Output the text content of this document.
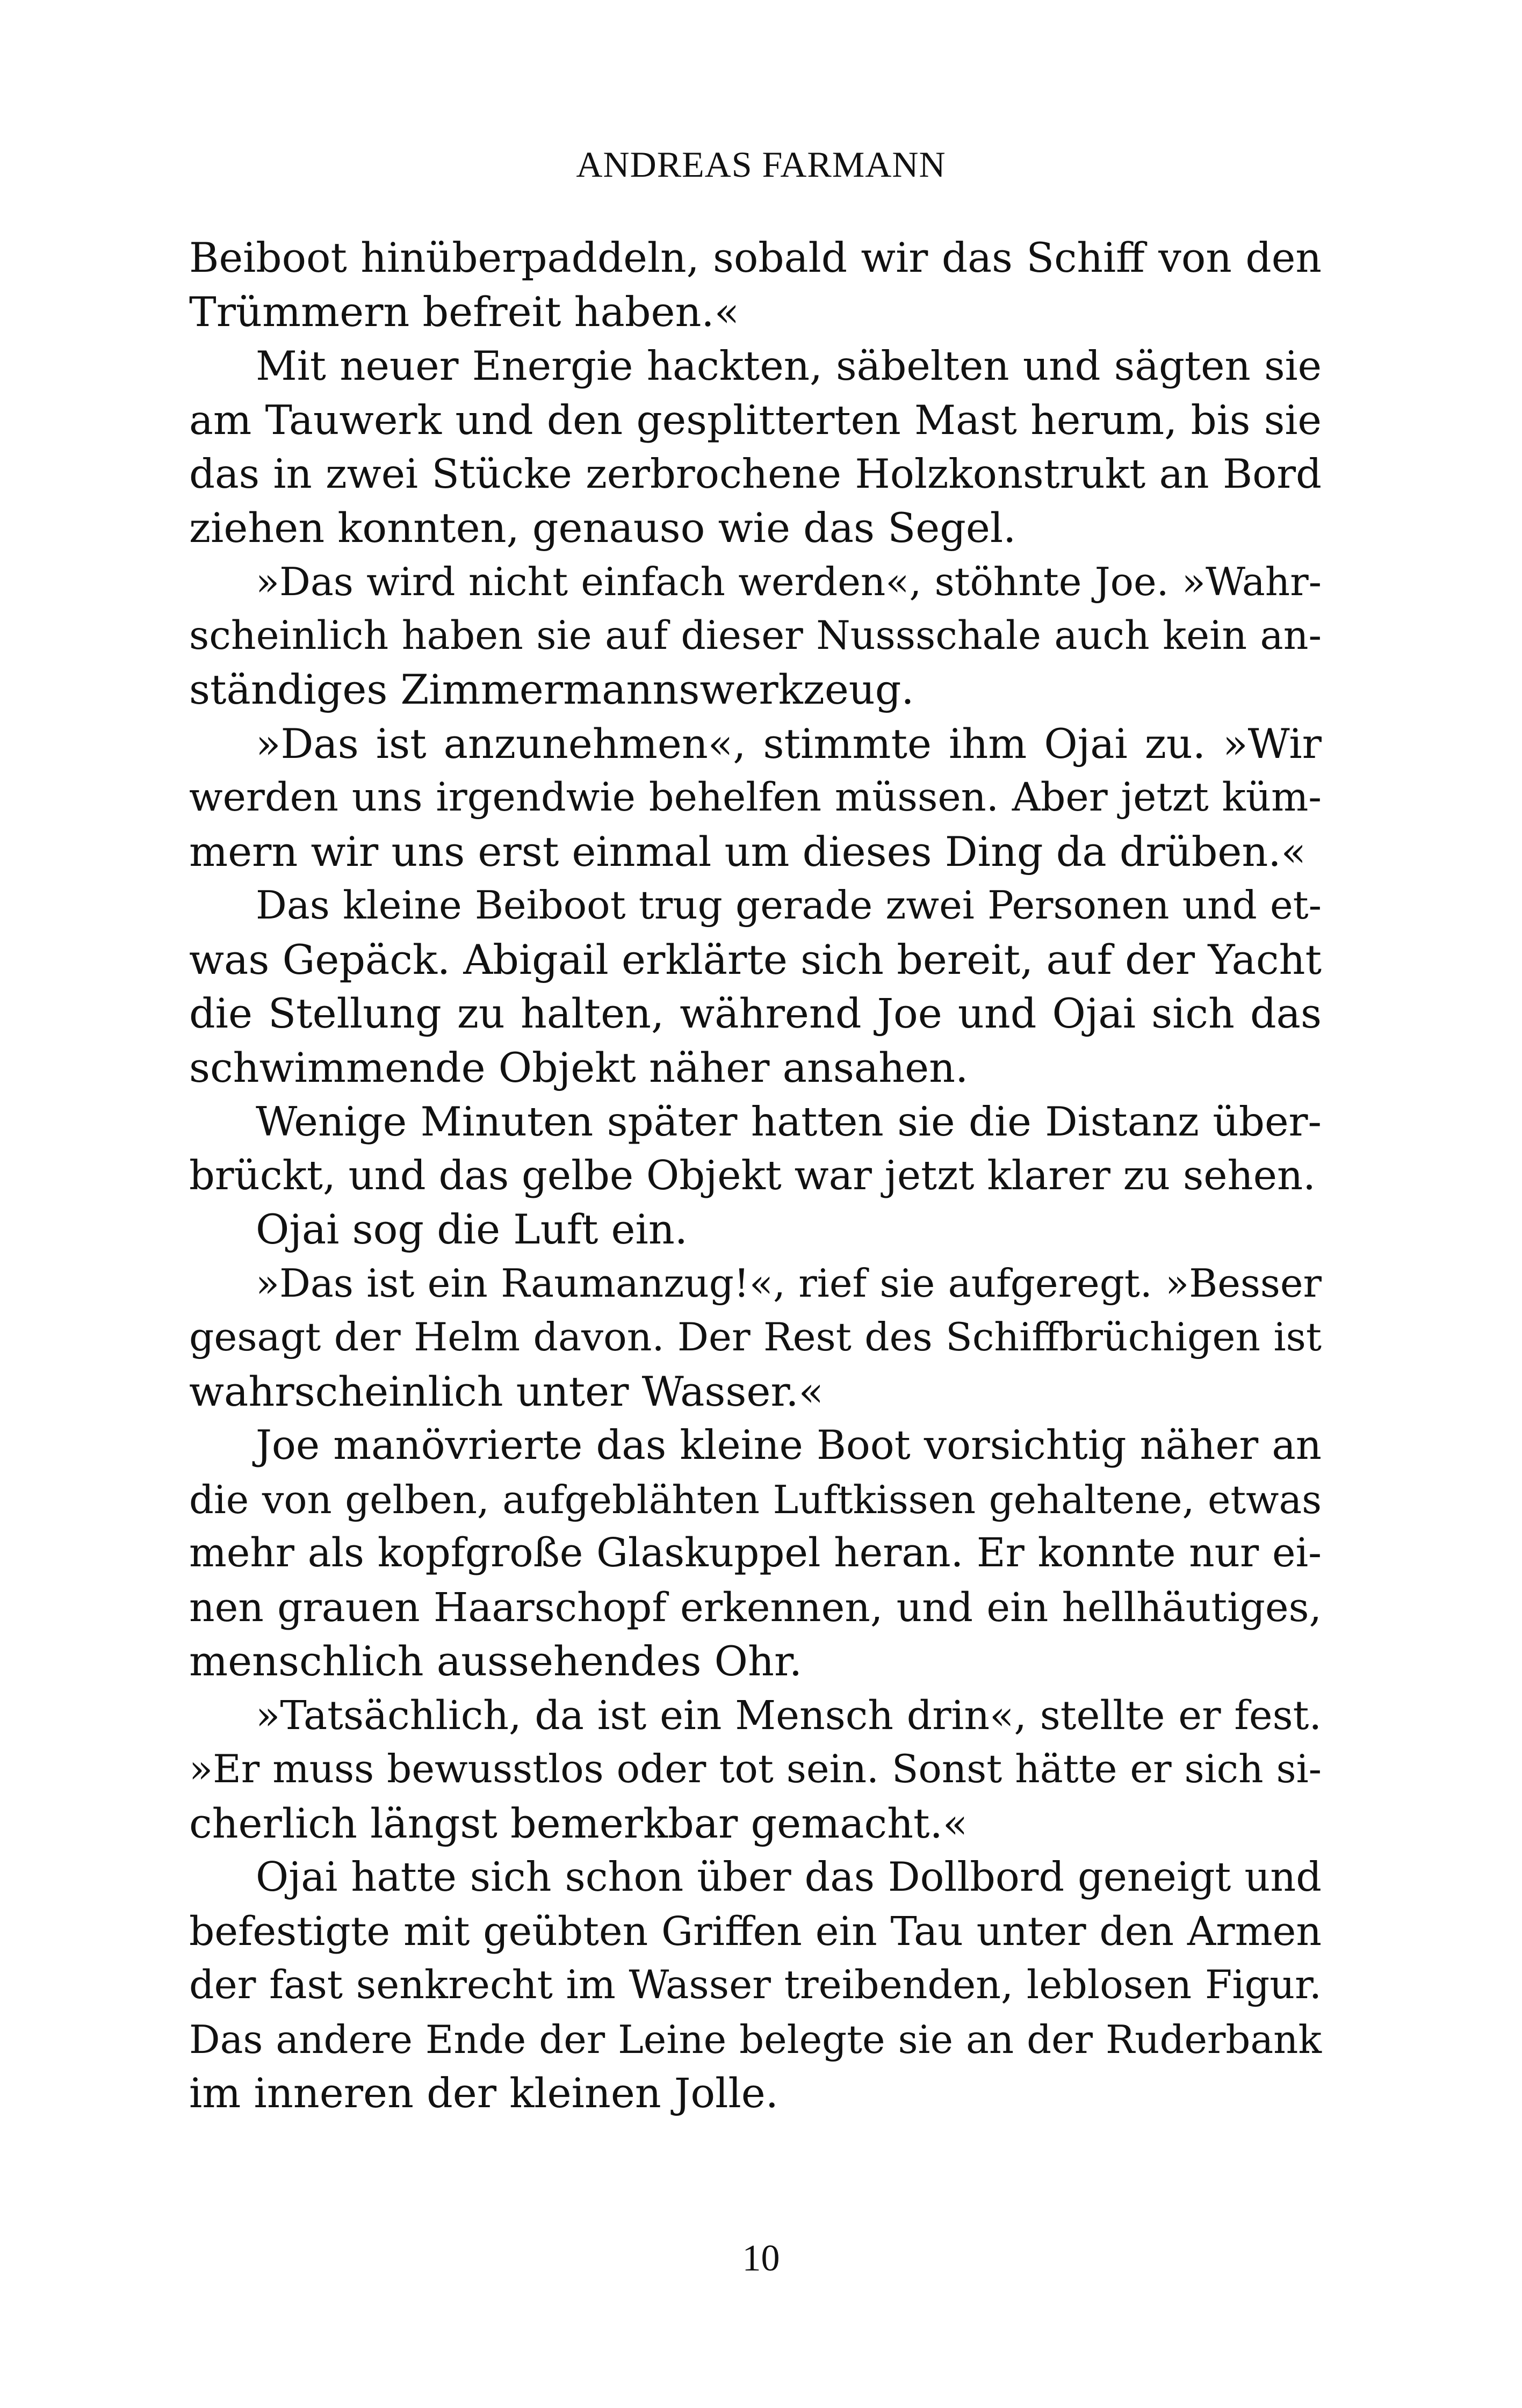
ANDREAS FARMANN
Beiboot hinüberpaddeln, sobald wir das Schiff von den
Trümmern befreit haben.«
Mit neuer Energie hackten, säbelten und sägten sie
am Tauwerk und den gesplitterten Mast herum, bis sie
das in zwei Stücke zerbrochene Holzkonstrukt an Bord
ziehen konnten, genauso wie das Segel.
»Das wird nicht einfach werden«, stöhnte Joe. »Wahr-
scheinlich haben sie auf dieser Nussschale auch kein an-
ständiges Zimmermannswerkzeug.
»Das ist anzunehmen«, stimmte ihm Ojai zu. »Wir
werden uns irgendwie behelfen müssen. Aber jetzt küm-
mern wir uns erst einmal um dieses Ding da drüben.«
Das kleine Beiboot trug gerade zwei Personen und et-
was Gepäck. Abigail erklärte sich bereit, auf der Yacht
die Stellung zu halten, während Joe und Ojai sich das
schwimmende Objekt näher ansahen.
Wenige Minuten später hatten sie die Distanz über-
brückt, und das gelbe Objekt war jetzt klarer zu sehen.
Ojai sog die Luft ein.
»Das ist ein Raumanzug!«, rief sie aufgeregt. »Besser
gesagt der Helm davon. Der Rest des Schiffbrüchigen ist
wahrscheinlich unter Wasser.«
Joe manövrierte das kleine Boot vorsichtig näher an
die von gelben, aufgeblähten Luftkissen gehaltene, etwas
mehr als kopfgroße Glaskuppel heran. Er konnte nur ei-
nen grauen Haarschopf erkennen, und ein hellhäutiges,
menschlich aussehendes Ohr.
»Tatsächlich, da ist ein Mensch drin«, stellte er fest.
»Er muss bewusstlos oder tot sein. Sonst hätte er sich si-
cherlich längst bemerkbar gemacht.«
Ojai hatte sich schon über das Dollbord geneigt und
befestigte mit geübten Griffen ein Tau unter den Armen
der fast senkrecht im Wasser treibenden, leblosen Figur.
Das andere Ende der Leine belegte sie an der Ruderbank
im inneren der kleinen Jolle.
10
